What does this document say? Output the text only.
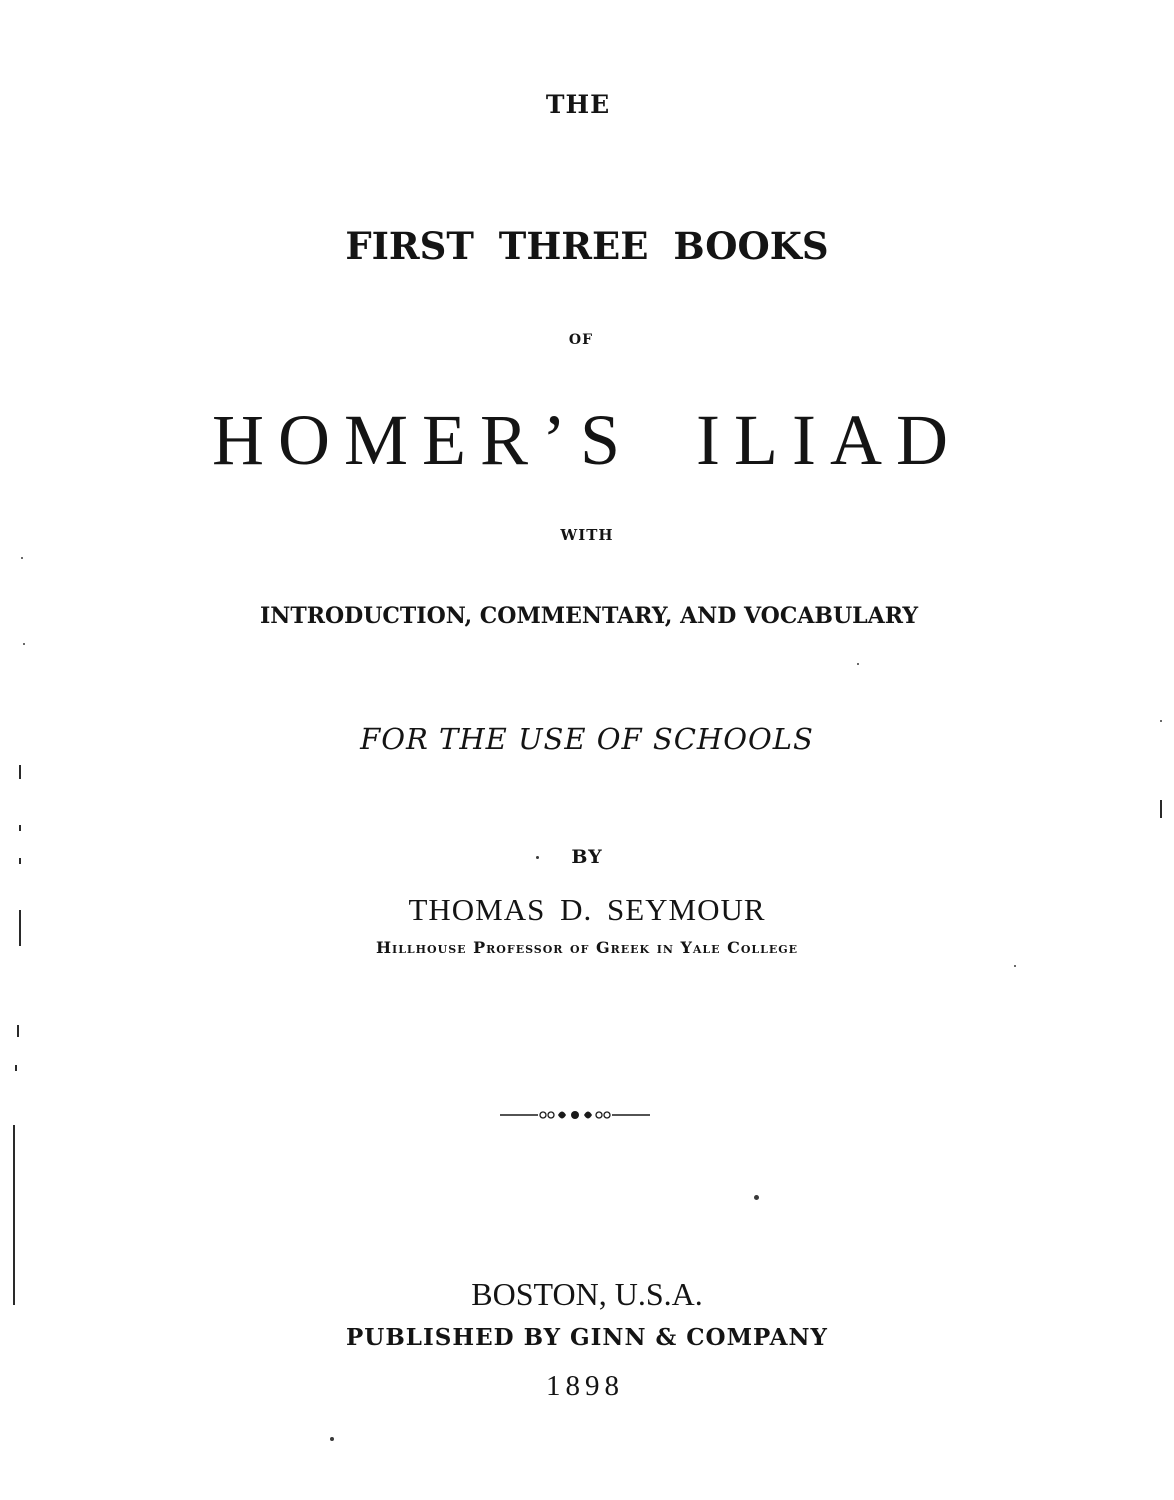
THE
FIRST THREE BOOKS
OF
HOMER’S ILIAD
WITH
INTRODUCTION, COMMENTARY, AND VOCABULARY
FOR THE USE OF SCHOOLS
BY
THOMAS D. SEYMOUR
Hillhouse Professor of Greek in Yale College
BOSTON, U.S.A.
PUBLISHED BY GINN & COMPANY
1898
